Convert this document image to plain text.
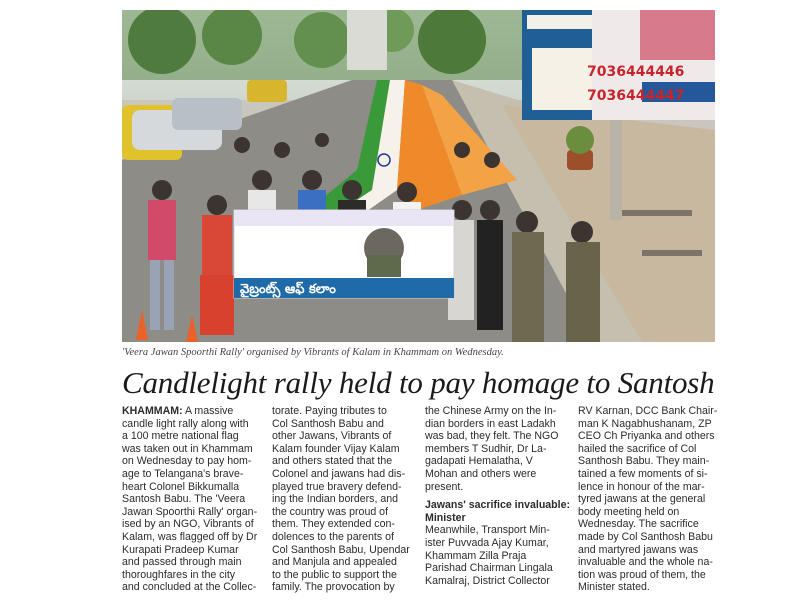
7036444446
7036444447
వైబ్రంట్స్ ఆఫ్ కలాం
'Veera Jawan Spoorthi Rally' organised by Vibrants of Kalam in Khammam on Wednesday.
Candlelight rally held to pay homage to Santosh
KHAMMAM: A massive
candle light rally along with
a 100 metre national flag
was taken out in Khammam
on Wednesday to pay hom-
age to Telangana's brave-
heart Colonel Bikkumalla
Santosh Babu. The 'Veera
Jawan Spoorthi Rally' organ-
ised by an NGO, Vibrants of
Kalam, was flagged off by Dr
Kurapati Pradeep Kumar
and passed through main
thoroughfares in the city
and concluded at the Collec-
torate. Paying tributes to
Col Santhosh Babu and
other Jawans, Vibrants of
Kalam founder Vijay Kalam
and others stated that the
Colonel and jawans had dis-
played true bravery defend-
ing the Indian borders, and
the country was proud of
them. They extended con-
dolences to the parents of
Col Santhosh Babu, Upendar
and Manjula and appealed
to the public to support the
family. The provocation by
the Chinese Army on the In-
dian borders in east Ladakh
was bad, they felt. The NGO
members T Sudhir, Dr La-
gadapati Hemalatha, V
Mohan and others were
present.
Jawans' sacrifice invaluable: Minister
Meanwhile, Transport Min-
ister Puvvada Ajay Kumar,
Khammam Zilla Praja
Parishad Chairman Lingala
Kamalraj, District Collector
RV Karnan, DCC Bank Chair-
man K Nagabhushanam, ZP
CEO Ch Priyanka and others
hailed the sacrifice of Col
Santhosh Babu. They main-
tained a few moments of si-
lence in honour of the mar-
tyred jawans at the general
body meeting held on
Wednesday. The sacrifice
made by Col Santhosh Babu
and martyred jawans was
invaluable and the whole na-
tion was proud of them, the
Minister stated.
